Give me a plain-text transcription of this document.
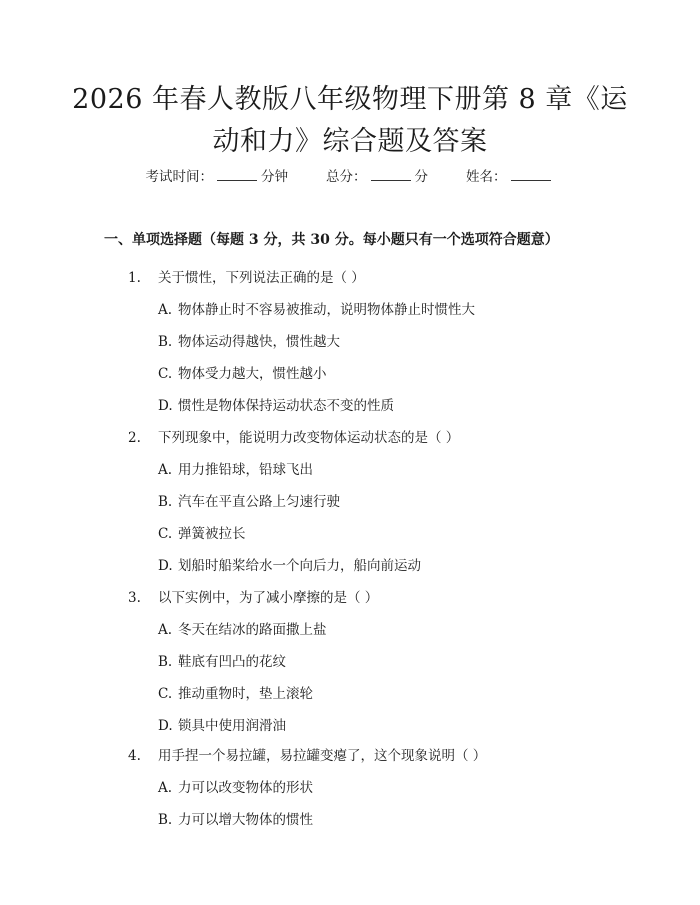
2026 年春人教版八年级物理下册第 8 章《运
动和力》综合题及答案
考试时间：	分钟	总分：	分	姓名：
一、单项选择题（每题 3 分，共 30 分。每小题只有一个选项符合题意）
1. 关于惯性，下列说法正确的是（ ）
A. 物体静止时不容易被推动，说明物体静止时惯性大
B. 物体运动得越快，惯性越大
C. 物体受力越大，惯性越小
D. 惯性是物体保持运动状态不变的性质
2. 下列现象中，能说明力改变物体运动状态的是（ ）
A. 用力推铅球，铅球飞出
B. 汽车在平直公路上匀速行驶
C. 弹簧被拉长
D. 划船时船桨给水一个向后力，船向前运动
3. 以下实例中，为了减小摩擦的是（ ）
A. 冬天在结冰的路面撒上盐
B. 鞋底有凹凸的花纹
C. 推动重物时，垫上滚轮
D. 锁具中使用润滑油
4. 用手捏一个易拉罐，易拉罐变瘪了，这个现象说明（ ）
A. 力可以改变物体的形状
B. 力可以增大物体的惯性
